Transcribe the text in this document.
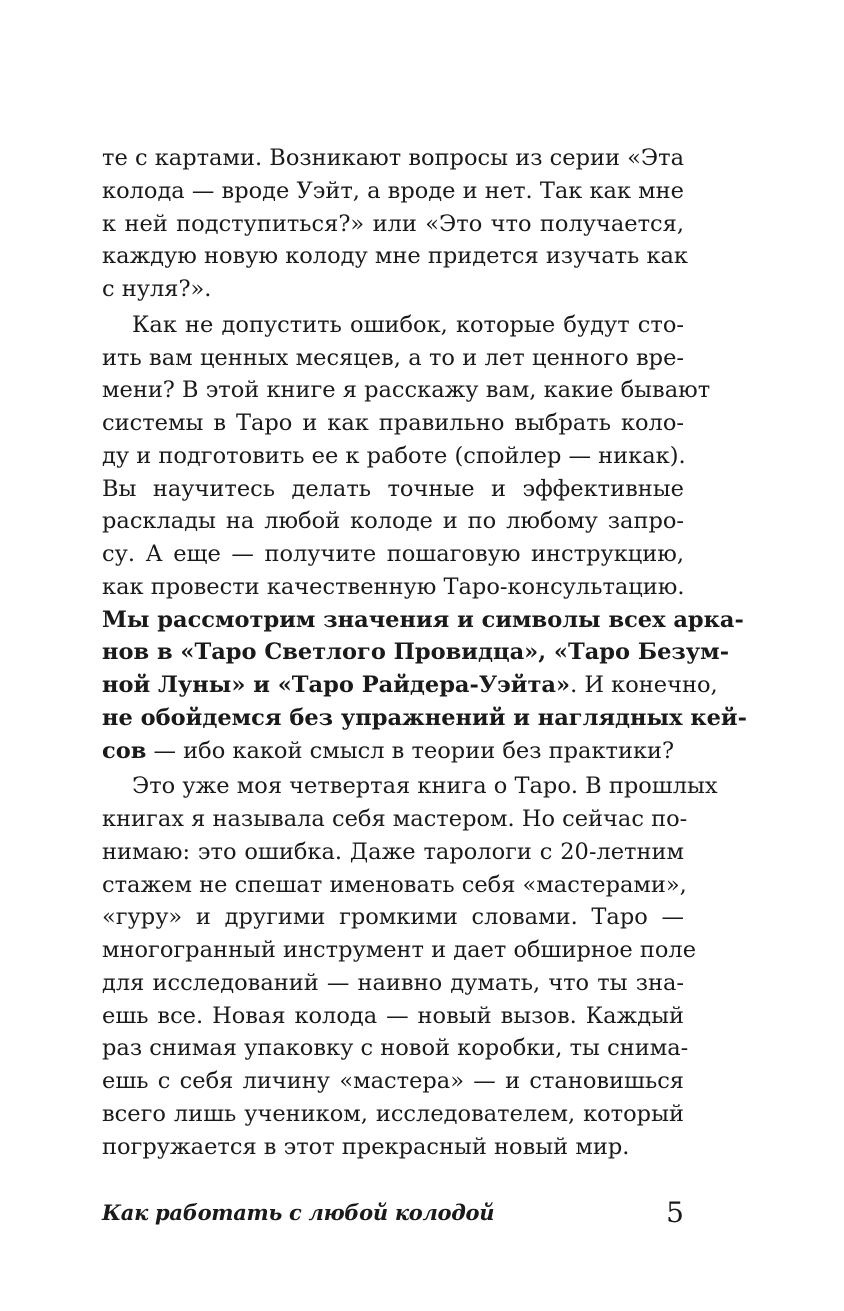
те с картами. Возникают вопросы из серии «Эта
колода — вроде Уэйт, а вроде и нет. Так как мне
к ней подступиться?» или «Это что получается,
каждую новую колоду мне придется изучать как
с нуля?».

Как не допустить ошибок, которые будут сто-
ить вам ценных месяцев, а то и лет ценного вре-
мени? В этой книге я расскажу вам, какие бывают
системы в Таро и как правильно выбрать коло-
ду и подготовить ее к работе (спойлер — никак).
Вы научитесь делать точные и эффективные
расклады на любой колоде и по любому запро-
су. А еще — получите пошаговую инструкцию,
как провести качественную Таро-консультацию.
Мы рассмотрим значения и символы всех арка-
нов в «Таро Светлого Провидца», «Таро Безум-
ной Луны» и «Таро Райдера-Уэйта». И конечно,
не обойдемся без упражнений и наглядных кей-
сов — ибо какой смысл в теории без практики?

Это уже моя четвертая книга о Таро. В прошлых
книгах я называла себя мастером. Но сейчас по-
нимаю: это ошибка. Даже тарологи с 20-летним
стажем не спешат именовать себя «мастерами»,
«гуру» и другими громкими словами. Таро —
многогранный инструмент и дает обширное поле
для исследований — наивно думать, что ты зна-
ешь все. Новая колода — новый вызов. Каждый
раз снимая упаковку с новой коробки, ты снима-
ешь с себя личину «мастера» — и становишься
всего лишь учеником, исследователем, который
погружается в этот прекрасный новый мир.

Как работать с любой колодой	5
